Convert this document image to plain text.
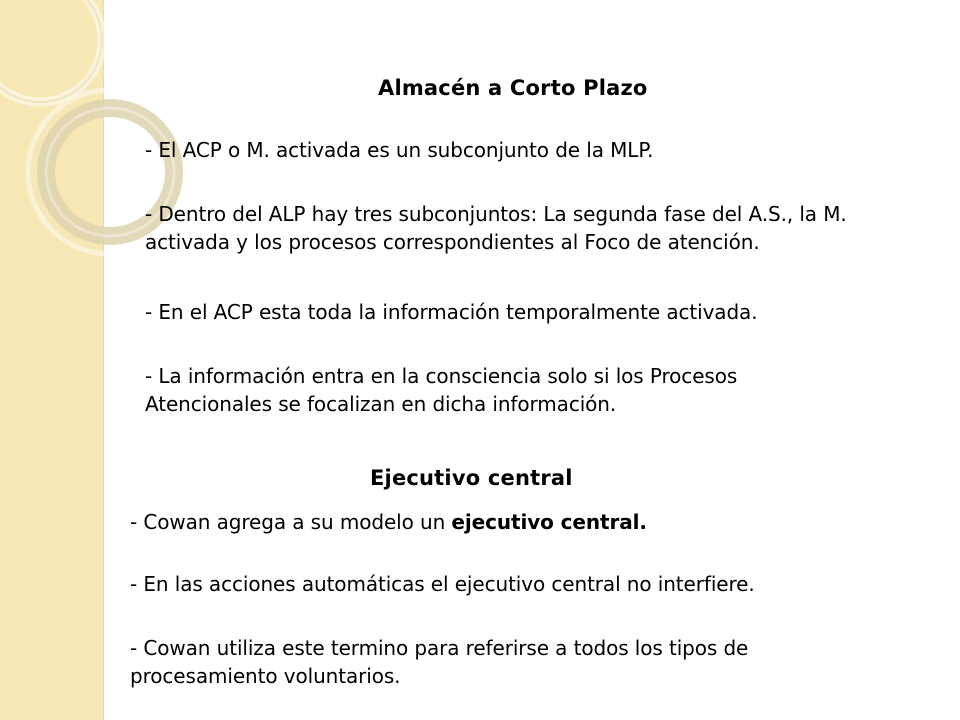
Almacén a Corto Plazo
- El ACP o M. activada es un subconjunto de la MLP.
- Dentro del ALP hay tres subconjuntos: La segunda fase del A.S., la M. activada y los procesos correspondientes al Foco de atención.
- En el ACP esta toda la información temporalmente activada.
- La información entra en la consciencia solo si los Procesos Atencionales se focalizan en dicha información.
Ejecutivo central
- Cowan agrega a su modelo un ejecutivo central.
- En las acciones automáticas el ejecutivo central no interfiere.
- Cowan utiliza este termino para referirse a todos los tipos de procesamiento voluntarios.
